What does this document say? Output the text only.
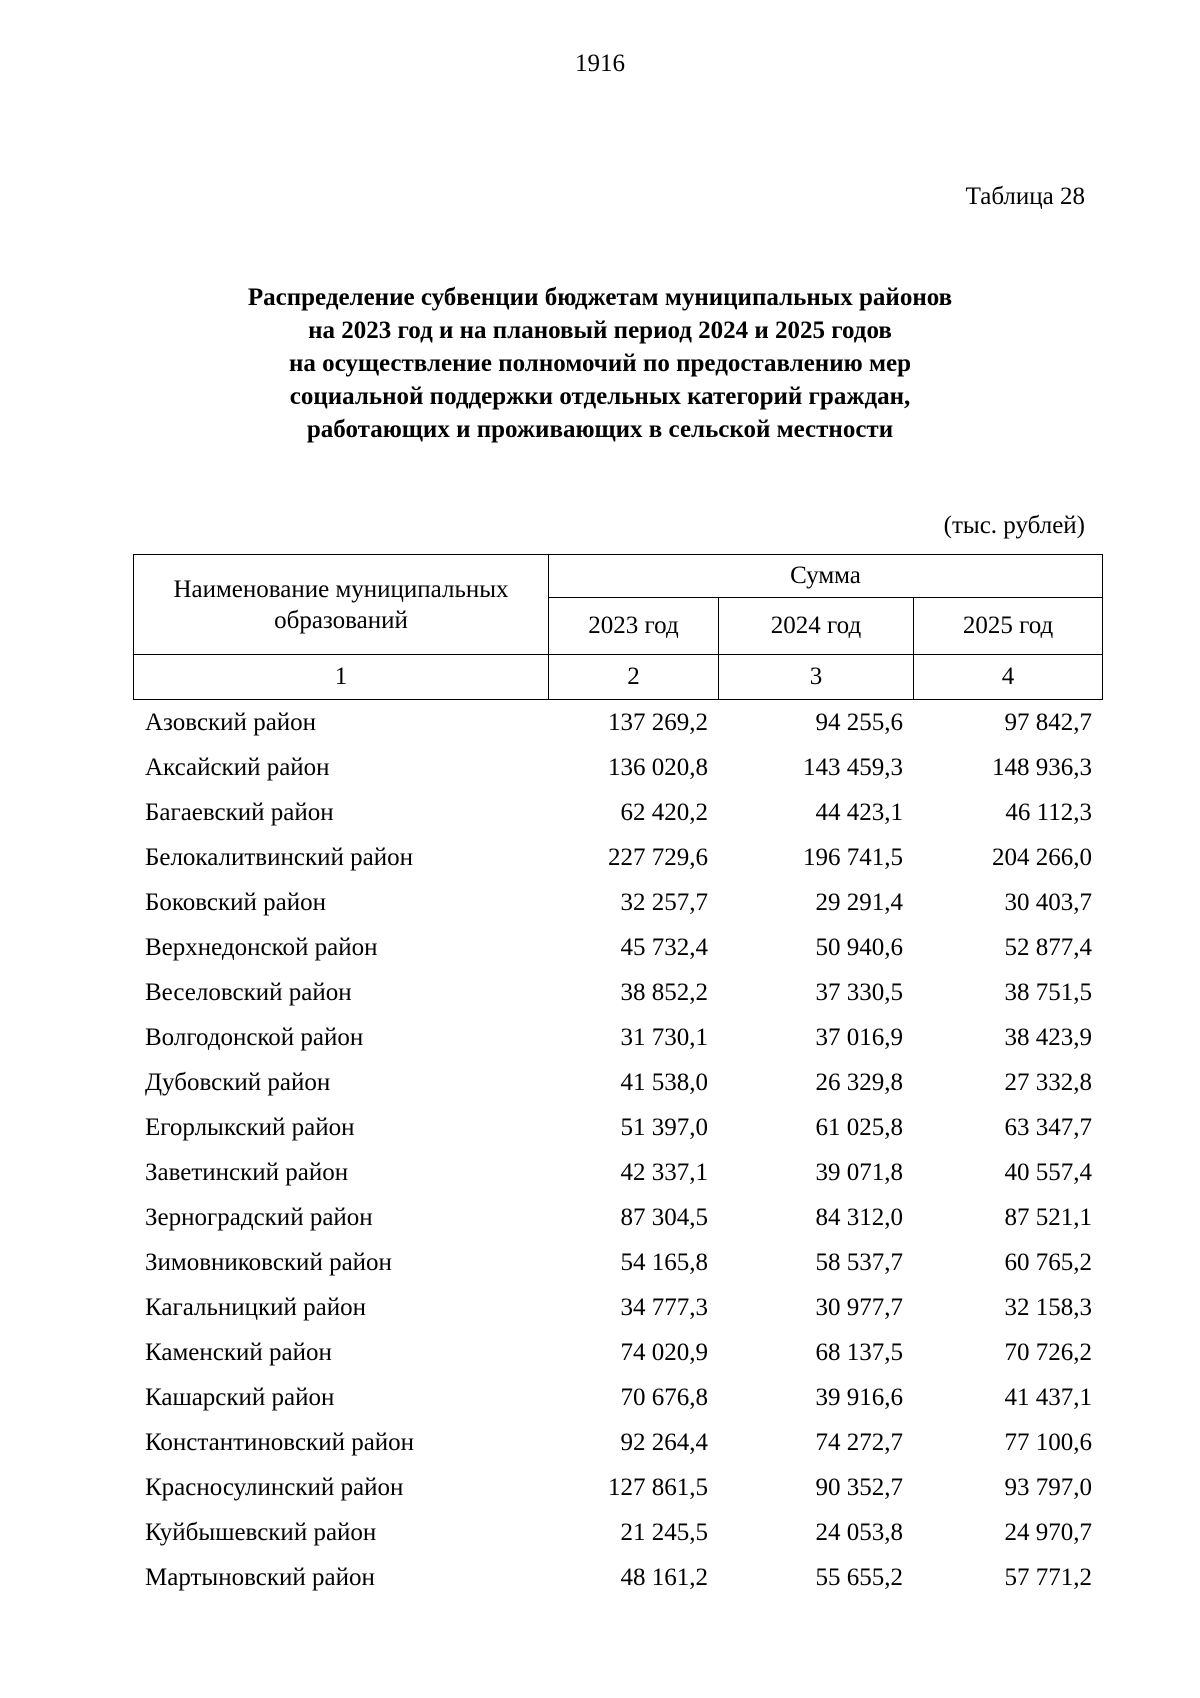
1916
Таблица 28
Распределение субвенции бюджетам муниципальных районов
на 2023 год и на плановый период 2024 и 2025 годов
на осуществление полномочий по предоставлению мер
социальной поддержки отдельных категорий граждан,
работающих и проживающих в сельской местности
(тыс. рублей)
Наименование муниципальных образований	Сумма		
	2023 год	2024 год	2025 год
1	2	3	4
Азовский район	137 269,2	94 255,6	97 842,7
Аксайский район	136 020,8	143 459,3	148 936,3
Багаевский район	62 420,2	44 423,1	46 112,3
Белокалитвинский район	227 729,6	196 741,5	204 266,0
Боковский район	32 257,7	29 291,4	30 403,7
Верхнедонской район	45 732,4	50 940,6	52 877,4
Веселовский район	38 852,2	37 330,5	38 751,5
Волгодонской район	31 730,1	37 016,9	38 423,9
Дубовский район	41 538,0	26 329,8	27 332,8
Егорлыкский район	51 397,0	61 025,8	63 347,7
Заветинский район	42 337,1	39 071,8	40 557,4
Зерноградский район	87 304,5	84 312,0	87 521,1
Зимовниковский район	54 165,8	58 537,7	60 765,2
Кагальницкий район	34 777,3	30 977,7	32 158,3
Каменский район	74 020,9	68 137,5	70 726,2
Кашарский район	70 676,8	39 916,6	41 437,1
Константиновский район	92 264,4	74 272,7	77 100,6
Красносулинский район	127 861,5	90 352,7	93 797,0
Куйбышевский район	21 245,5	24 053,8	24 970,7
Мартыновский район	48 161,2	55 655,2	57 771,2
